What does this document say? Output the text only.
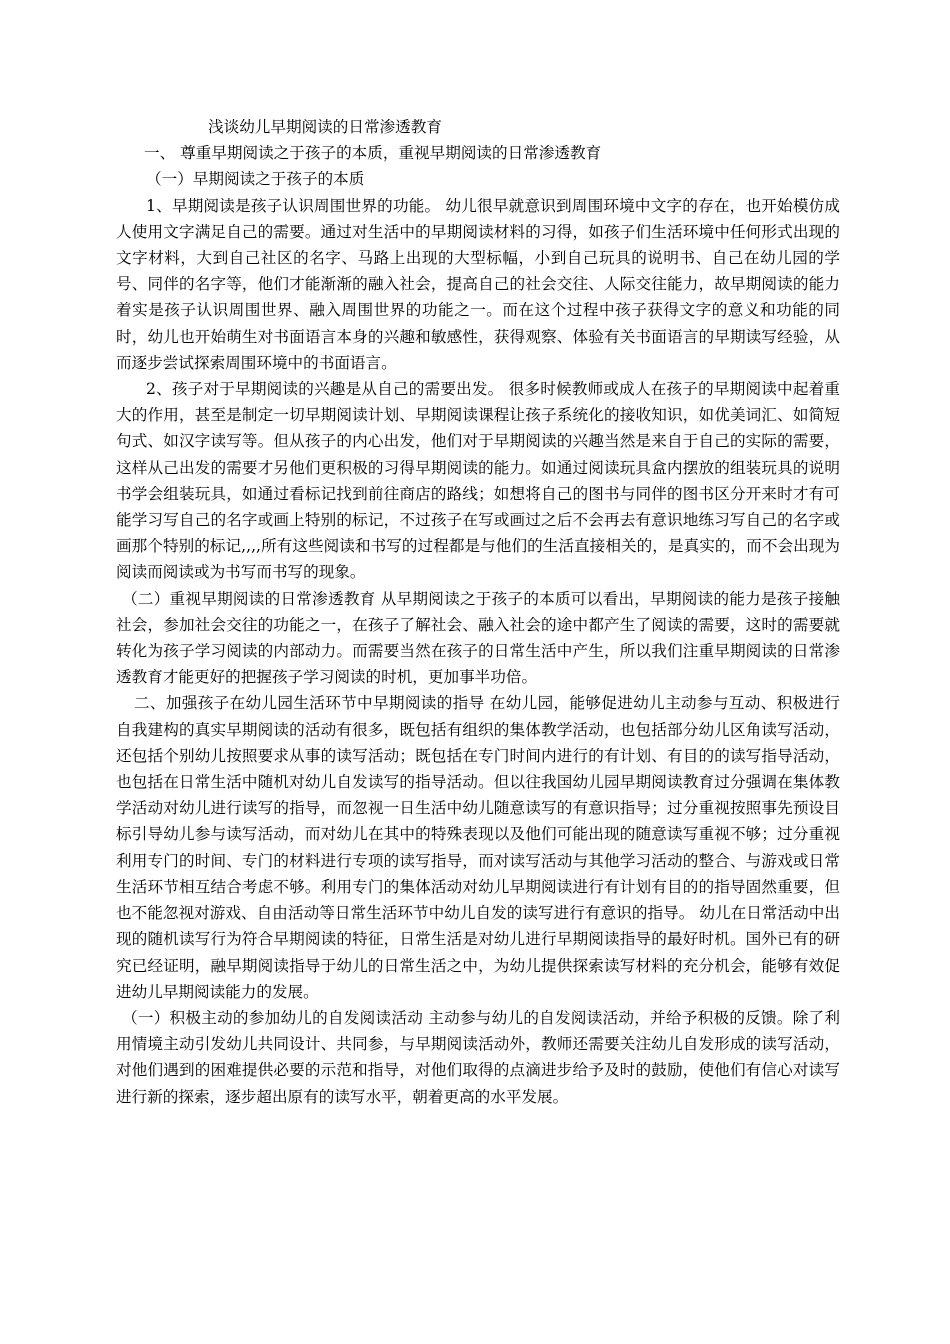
浅谈幼儿早期阅读的日常渗透教育

一、 尊重早期阅读之于孩子的本质，重视早期阅读的日常渗透教育

（一）早期阅读之于孩子的本质

1、早期阅读是孩子认识周围世界的功能。 幼儿很早就意识到周围环境中文字的存在，也开始模仿成人使用文字满足自己的需要。通过对生活中的早期阅读材料的习得，如孩子们生活环境中任何形式出现的文字材料，大到自己社区的名字、马路上出现的大型标幅，小到自己玩具的说明书、自己在幼儿园的学号、同伴的名字等，他们才能渐渐的融入社会，提高自己的社会交往、人际交往能力，故早期阅读的能力着实是孩子认识周围世界、融入周围世界的功能之一。而在这个过程中孩子获得文字的意义和功能的同时，幼儿也开始萌生对书面语言本身的兴趣和敏感性，获得观察、体验有关书面语言的早期读写经验，从而逐步尝试探索周围环境中的书面语言。

2、孩子对于早期阅读的兴趣是从自己的需要出发。 很多时候教师或成人在孩子的早期阅读中起着重大的作用，甚至是制定一切早期阅读计划、早期阅读课程让孩子系统化的接收知识，如优美词汇、如简短句式、如汉字读写等。但从孩子的内心出发，他们对于早期阅读的兴趣当然是来自于自己的实际的需要，这样从己出发的需要才另他们更积极的习得早期阅读的能力。如通过阅读玩具盒内摆放的组装玩具的说明书学会组装玩具，如通过看标记找到前往商店的路线；如想将自己的图书与同伴的图书区分开来时才有可能学习写自己的名字或画上特别的标记，不过孩子在写或画过之后不会再去有意识地练习写自己的名字或画那个特别的标记,,,,所有这些阅读和书写的过程都是与他们的生活直接相关的，是真实的，而不会出现为阅读而阅读或为书写而书写的现象。

（二）重视早期阅读的日常渗透教育 从早期阅读之于孩子的本质可以看出，早期阅读的能力是孩子接触社会，参加社会交往的功能之一，在孩子了解社会、融入社会的途中都产生了阅读的需要，这时的需要就转化为孩子学习阅读的内部动力。而需要当然在孩子的日常生活中产生，所以我们注重早期阅读的日常渗透教育才能更好的把握孩子学习阅读的时机，更加事半功倍。

二、加强孩子在幼儿园生活环节中早期阅读的指导 在幼儿园，能够促进幼儿主动参与互动、积极进行自我建构的真实早期阅读的活动有很多，既包括有组织的集体教学活动，也包括部分幼儿区角读写活动，还包括个别幼儿按照要求从事的读写活动；既包括在专门时间内进行的有计划、有目的的读写指导活动，也包括在日常生活中随机对幼儿自发读写的指导活动。但以往我国幼儿园早期阅读教育过分强调在集体教学活动对幼儿进行读写的指导，而忽视一日生活中幼儿随意读写的有意识指导；过分重视按照事先预设目标引导幼儿参与读写活动，而对幼儿在其中的特殊表现以及他们可能出现的随意读写重视不够；过分重视利用专门的时间、专门的材料进行专项的读写指导，而对读写活动与其他学习活动的整合、与游戏或日常生活环节相互结合考虑不够。利用专门的集体活动对幼儿早期阅读进行有计划有目的的指导固然重要，但也不能忽视对游戏、自由活动等日常生活环节中幼儿自发的读写进行有意识的指导。 幼儿在日常活动中出现的随机读写行为符合早期阅读的特征，日常生活是对幼儿进行早期阅读指导的最好时机。国外已有的研究已经证明，融早期阅读指导于幼儿的日常生活之中，为幼儿提供探索读写材料的充分机会，能够有效促进幼儿早期阅读能力的发展。

（一）积极主动的参加幼儿的自发阅读活动 主动参与幼儿的自发阅读活动，并给予积极的反馈。除了利用情境主动引发幼儿共同设计、共同参，与早期阅读活动外，教师还需要关注幼儿自发形成的读写活动，对他们遇到的困难提供必要的示范和指导，对他们取得的点滴进步给予及时的鼓励，使他们有信心对读写进行新的探索，逐步超出原有的读写水平，朝着更高的水平发展。
